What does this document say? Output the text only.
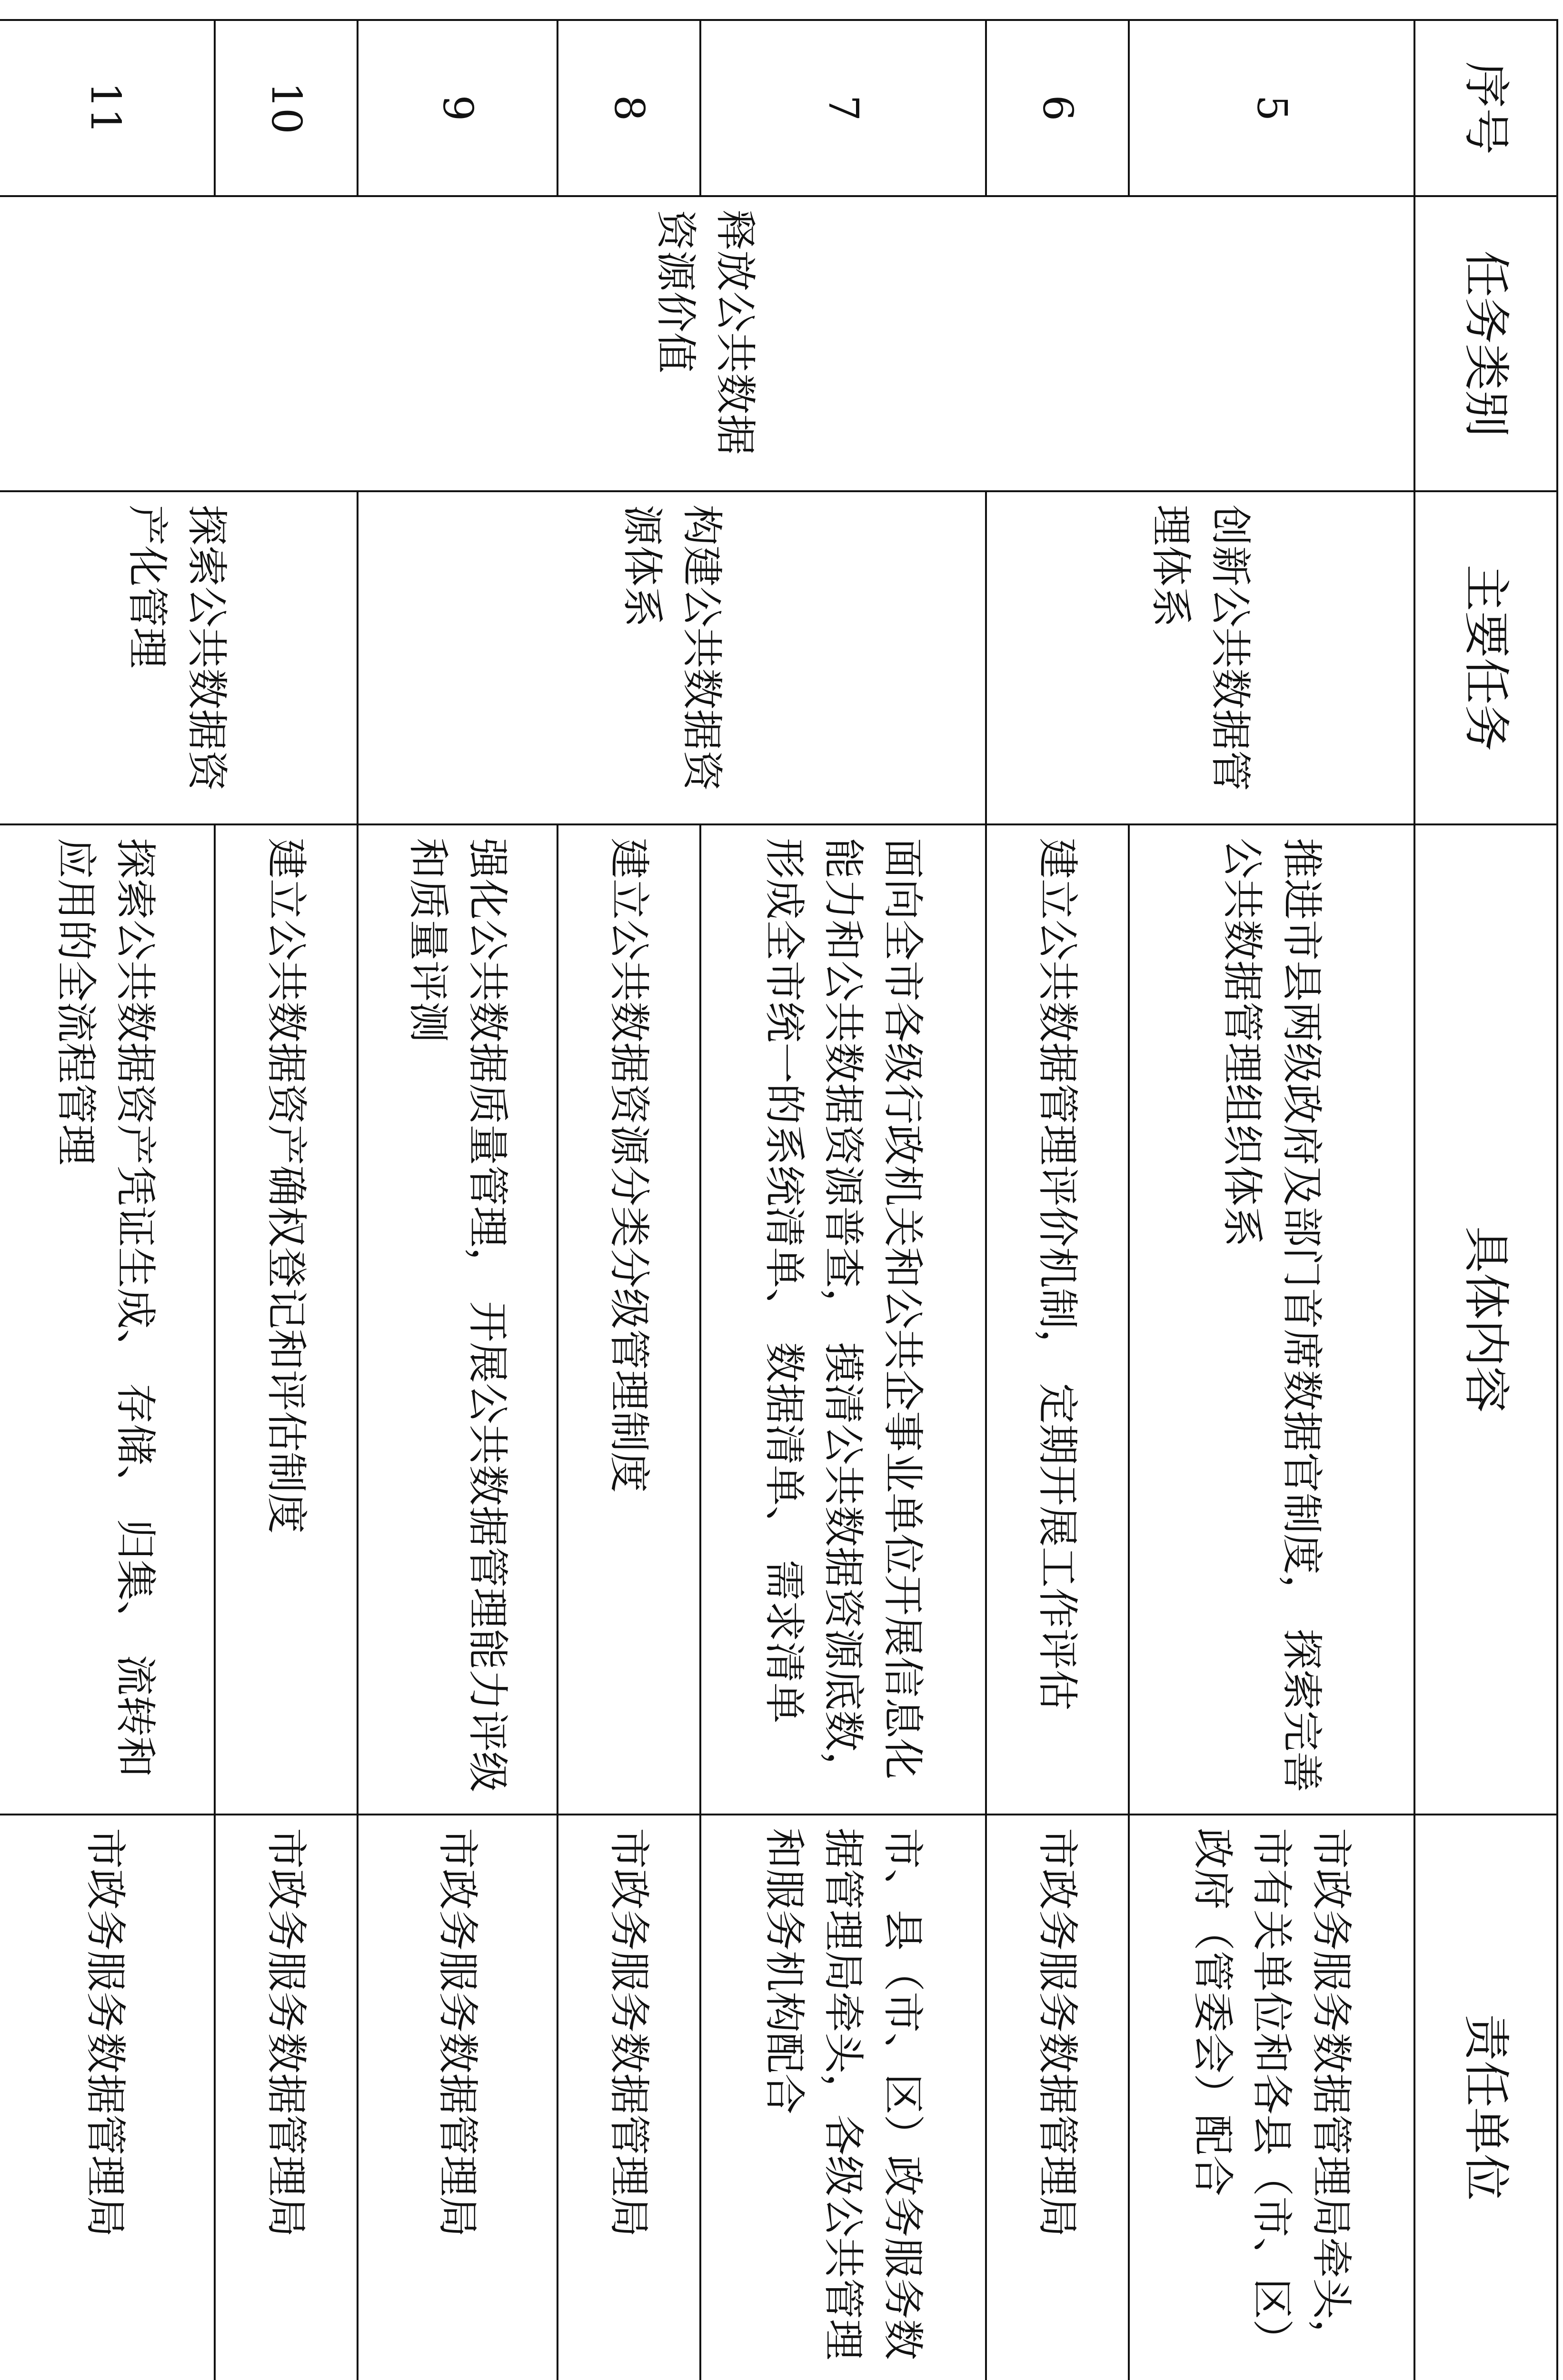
序号	任务类别	主要任务	具体内容	责任单位	
5	释放公共数据资源价值	创新公共数据管理体系	推进市县两级政府及部门首席数据官制度， 探索完善公共数据管理组织体系	市政务服务数据管理局牵头，市有关单位和各县（市、区）政府（管委会）配合	
6			建立公共数据管理评价机制， 定期开展工作评估	市政务服务数据管理局	
7		构建公共数据资源体系	面向全市各级行政机关和公共企事业单位开展信息化能力和公共数据资源普查， 摸清公共数据资源底数， 形成全市统一的系统清单、 数据清单、 需求清单	市、县（市、区）政务服务数据管理局牵头，各级公共管理和服务机构配合	
8			建立公共数据资源分类分级管理制度	市政务服务数据管理局	
9			强化公共数据质量管理， 开展公共数据管理能力评级和质量评测	市政务服务数据管理局	
10		探索公共数据资产化管理	建立公共数据资产确权登记和评估制度	市政务服务数据管理局	
11			探索公共数据资产凭证生成、 存储、 归集、 流转和应用的全流程管理	市政务服务数据管理局	
